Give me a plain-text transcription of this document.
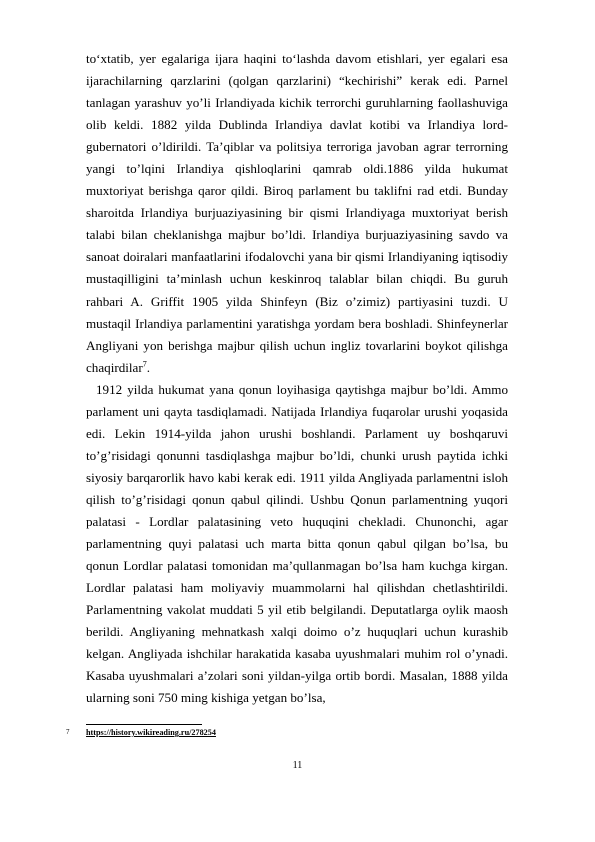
to‘xtatib, yer egalariga ijara haqini to‘lashda davom etishlari, yer egalari esa ijarachilarning qarzlarini (qolgan qarzlarini) “kechirishi” kerak edi. Parnel tanlagan yarashuv yo’li Irlandiyada kichik terrorchi guruhlarning faollashuviga olib keldi. 1882 yilda Dublinda Irlandiya davlat kotibi va Irlandiya lord-gubernatori o’ldirildi. Ta’qiblar va politsiya terroriga javoban agrar terrorning yangi to’lqini Irlandiya qishloqlarini qamrab oldi.1886 yilda hukumat muxtoriyat berishga qaror qildi. Biroq parlament bu taklifni rad etdi. Bunday sharoitda Irlandiya burjuaziyasining bir qismi Irlandiyaga muxtoriyat berish talabi bilan cheklanishga majbur bo’ldi. Irlandiya burjuaziyasining savdo va sanoat doiralari manfaatlarini ifodalovchi yana bir qismi Irlandiyaning iqtisodiy mustaqilligini ta’minlash uchun keskinroq talablar bilan chiqdi. Bu guruh rahbari A. Griffit 1905 yilda Shinfeyn (Biz o’zimiz) partiyasini tuzdi. U mustaqil Irlandiya parlamentini yaratishga yordam bera boshladi. Shinfeynerlar Angliyani yon berishga majbur qilish uchun ingliz tovarlarini boykot qilishga chaqirdilar$^7$.

1912 yilda hukumat yana qonun loyihasiga qaytishga majbur bo’ldi. Ammo parlament uni qayta tasdiqlamadi. Natijada Irlandiya fuqarolar urushi yoqasida edi. Lekin 1914-yilda jahon urushi boshlandi. Parlament uy boshqaruvi to’g’risidagi qonunni tasdiqlashga majbur bo’ldi, chunki urush paytida ichki siyosiy barqarorlik havo kabi kerak edi. 1911 yilda Angliyada parlamentni isloh qilish to’g’risidagi qonun qabul qilindi. Ushbu Qonun parlamentning yuqori palatasi - Lordlar palatasining veto huquqini chekladi. Chunonchi, agar parlamentning quyi palatasi uch marta bitta qonun qabul qilgan bo’lsa, bu qonun Lordlar palatasi tomonidan ma’qullanmagan bo’lsa ham kuchga kirgan. Lordlar palatasi ham moliyaviy muammolarni hal qilishdan chetlashtirildi. Parlamentning vakolat muddati 5 yil etib belgilandi. Deputatlarga oylik maosh berildi. Angliyaning mehnatkash xalqi doimo o’z huquqlari uchun kurashib kelgan. Angliyada ishchilar harakatida kasaba uyushmalari muhim rol o’ynadi. Kasaba uyushmalari a’zolari soni yildan-yilga ortib bordi. Masalan, 1888 yilda ularning soni 750 ming kishiga yetgan bo’lsa,

7 https://history.wikireading.ru/278254
11
